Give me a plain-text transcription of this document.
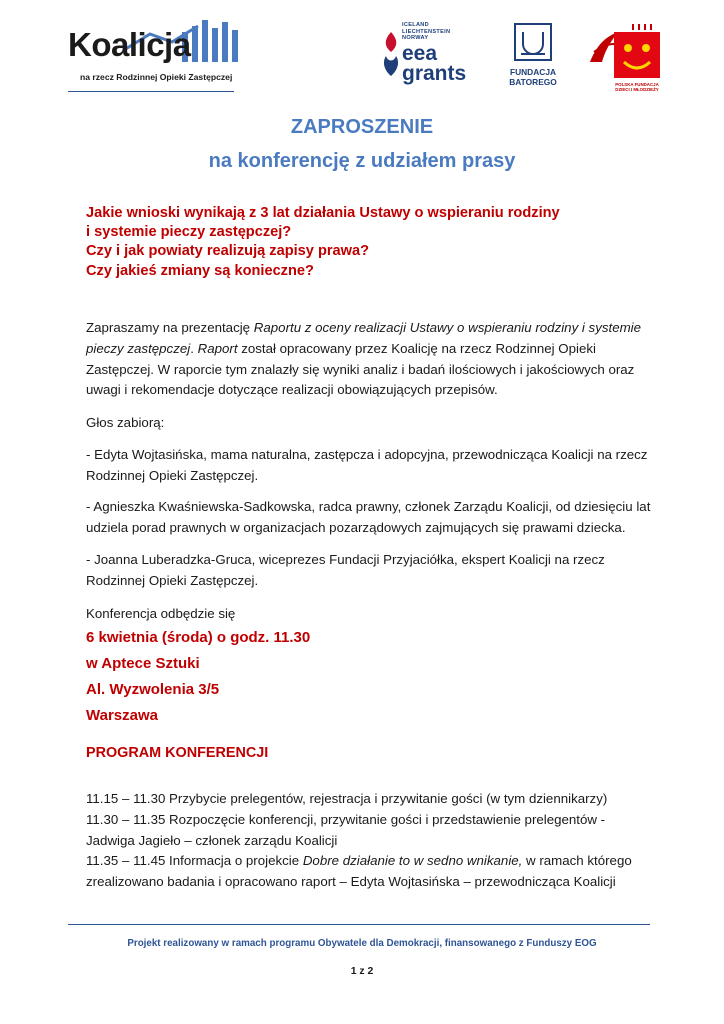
Koalicja
na rzecz Rodzinnej Opieki Zastępczej
ICELAND
LIECHTENSTEIN
NORWAY
eea
grants	FUNDACJA
BATOREGO	POLSKA FUNDACJA
DZIECI I MŁODZIEŻY
ZAPROSZENIE
na konferencję z udziałem prasy
Jakie wnioski wynikają z 3 lat działania Ustawy o wspieraniu rodziny
i systemie pieczy zastępczej?
Czy i jak powiaty realizują zapisy prawa?
Czy jakieś zmiany są konieczne?
Zapraszamy na prezentację Raportu z oceny realizacji Ustawy o wspieraniu rodziny i systemie
pieczy zastępczej. Raport został opracowany przez Koalicję na rzecz Rodzinnej Opieki
Zastępczej. W raporcie tym znalazły się wyniki analiz i badań ilościowych i jakościowych oraz
uwagi i rekomendacje dotyczące realizacji obowiązujących przepisów.
Głos zabiorą:
- Edyta Wojtasińska, mama naturalna, zastępcza i adopcyjna, przewodnicząca Koalicji na rzecz
Rodzinnej Opieki Zastępczej.
- Agnieszka Kwaśniewska-Sadkowska, radca prawny, członek Zarządu Koalicji, od dziesięciu lat
udziela porad prawnych w organizacjach pozarządowych zajmujących się prawami dziecka.
- Joanna Luberadzka-Gruca, wiceprezes Fundacji Przyjaciółka, ekspert Koalicji na rzecz
Rodzinnej Opieki Zastępczej.
Konferencja odbędzie się
6 kwietnia (środa) o godz. 11.30
w Aptece Sztuki
Al. Wyzwolenia 3/5
Warszawa
PROGRAM KONFERENCJI
11.15 – 11.30 Przybycie prelegentów, rejestracja i przywitanie gości (w tym dziennikarzy)
11.30 – 11.35 Rozpoczęcie konferencji, przywitanie gości i przedstawienie prelegentów -
Jadwiga Jagieło – członek zarządu Koalicji
11.35 – 11.45 Informacja o projekcie Dobre działanie to w sedno wnikanie, w ramach którego
zrealizowano badania i opracowano raport – Edyta Wojtasińska – przewodnicząca Koalicji
Projekt realizowany w ramach programu Obywatele dla Demokracji, finansowanego z Funduszy EOG
1 z 2
